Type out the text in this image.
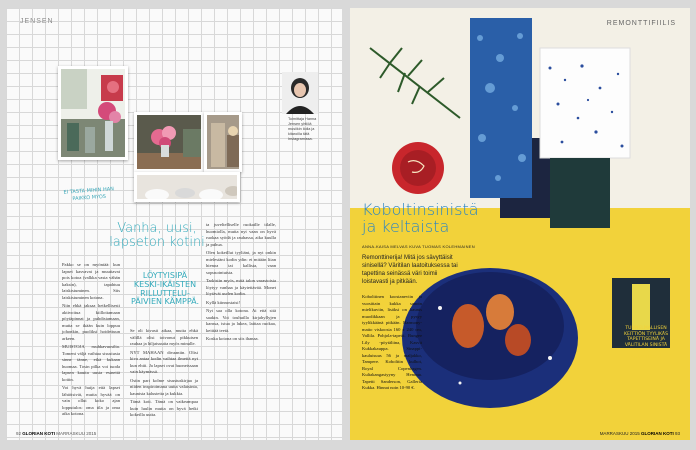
JENSEN
EI TASTA MIHIN HAN PAIKKO MYOS
Toimittaja Hanna Jensen yhtiöä musiikin ilolla ja kitaroilla tätä Instagramissa.
Vanha, uusi, lapseton kotini

Pakko se on myöntää: kun lapset kasvavat ja muuttavat pois kotoa (valkka vasta vähän kaksin), tapahtuu laiskistuminen. Siis laiskistuminen kotona.

Niin ehkä jaksaa hetkellisesti aktivoitua kiillottamaan pöytäpinnat ja puhdistamaan, mutta se ikään kuin loppuu johonkin, puoliksi hoidettuun arkeen.

MUISTOJA ruuhkavuosilta. Tomeni väljä vaihtaa sisustusta sinne tänne, eikä kukaan huomaa. Tosin pilka voi tuoda lapsen kautta uusia esineitä kotiin.

Voi hyvä huija että lapset lähtöisivät, mutta hyvää on vain ollut koko ajan lopputulos: oma tila ja oma aika kotona.

LÖYTYISIPÄ KESKI-IKÄISTEN RILLUTTELU- PÄIVIEN KÄMPPÄ.

Se oli kivasti aikaa, mutta ehkä välillä olisi toivonut pikkuisen rauhaa ja hiljaisuutta myös minulle.

NYT MAHAAN divaaniin. Olisi kiva antaa kodin vaihtaa ilmettä nyt kun ehtii. Ja lapset ovat huoneissaan vain käymässä.

Ostin pari kolme sisustuskirjaa ja niiden inspiroimana uutta valaisinta, kaunista kalustetta ja kukkia.

Tämä koti. Tämä on vaikeampaa kuin luulin mutta on hyvä hetki kokeilla uutta.

ta juveltelliselle ruokaille tilalle, huomiolla, mutta nyt vaan on hyvä ruokaa syödä ja rauhassa, aika kuulla ja puhua.

Olen kokeillut tyyliäni, ja nyt onkin mielestäni kodin ydin: ei mitään liian hienoa tai kallista, vaan sopusointuista.

Tarkistin myös, mitä talon varastoista löytyy vanhaa ja käytettävää. Monet löytävät uuden kodin.

Kyllä kiinnostaisi!

Nyt saa olla kotona. Ai että sitä saakin. Voi touhuilla kirjahyllyjen kanssa, istua ja lukea, laittaa ruokaa, keittää teetä.

Koska kotona on siis ihanaa.

92 GLORIAN KOTI MARRASKUU 2015
REMONTTIFIILIS
Koboltinsinistä ja keltaista
ANNA-KAISA MELVAS KUVA TUOMAS KOLEHMAINEN
Remonttinerija! Mitä jos sävyttäisit sinisellä? Väritilan laatoituksessa tai tapettina seinässä väri toimii loistavasti ja pitkään.
Kobolttinen koostaneviin ja vuosittain kukka sanoin mielikuviin, lisäksi on kaunis muodikkaan ja pysyy tyylikkäänä pitkään. Harmony-matto viskoosia 160 x 240 cm, Vallila. Pohjola-tapetti. Bungee Lily -pöytäliina, Kasvit Kukkakauppa. Sinappi-kauluisuus 56 ja maljakko, Tampere. Kobolttin kulhot, Royal Copenhagen. Kultakangastyyny Hemma. Tapetti Sanderson, Galleria Kukka. Hinnat noin 10-90 €.
TUNNELMALLISEN KEITTIÖN TYYLIKÄS TAPETTISEINÄ JA VÄLITILAN SINISTÄ LAATTAA TAI KERAMIIKKAA
MARRASKUU 2015 GLORIAN KOTI 93
